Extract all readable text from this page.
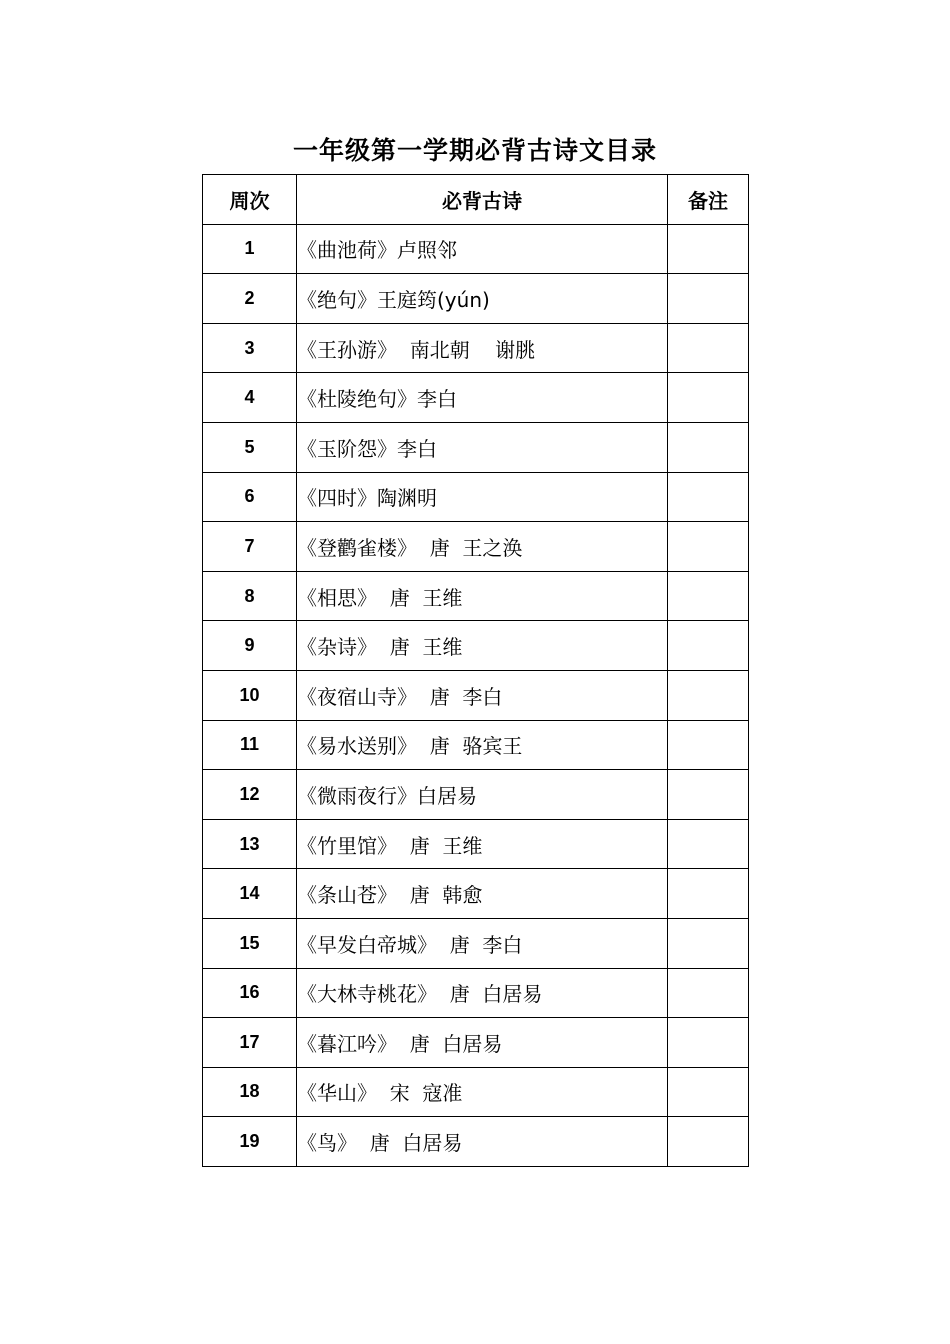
一年级第一学期必背古诗文目录
周次	必背古诗	备注
1	《曲池荷》卢照邻	
2	《绝句》王庭筠(yún)	
3	《王孙游》  南北朝    谢朓	
4	《杜陵绝句》李白	
5	《玉阶怨》李白	
6	《四时》陶渊明	
7	《登鹳雀楼》  唐  王之涣	
8	《相思》  唐  王维	
9	《杂诗》  唐  王维	
10	《夜宿山寺》  唐  李白	
11	《易水送别》  唐  骆宾王	
12	《微雨夜行》白居易	
13	《竹里馆》  唐  王维	
14	《条山苍》  唐  韩愈	
15	《早发白帝城》  唐  李白	
16	《大林寺桃花》  唐  白居易	
17	《暮江吟》  唐  白居易	
18	《华山》  宋  寇准	
19	《鸟》  唐  白居易	
